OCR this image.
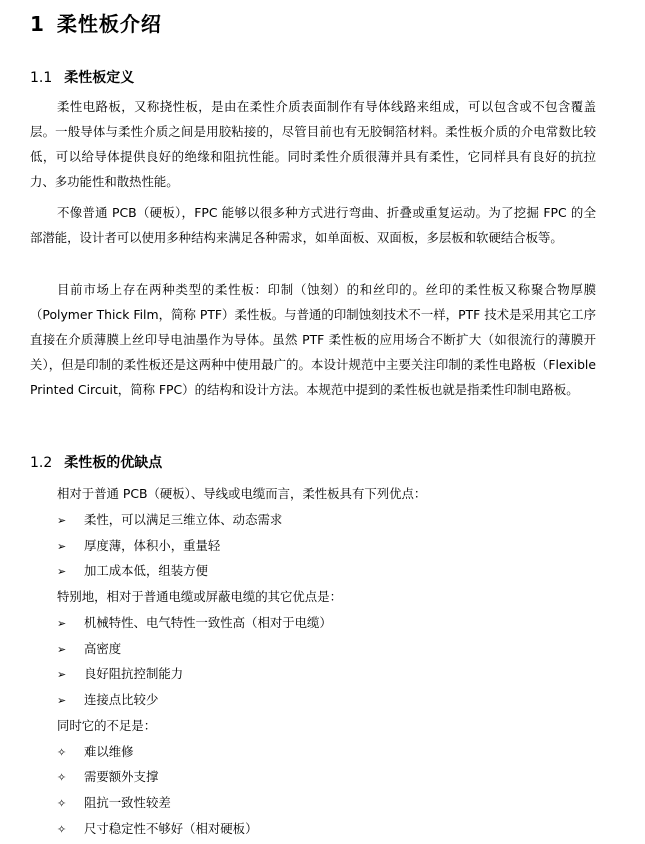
1 柔性板介绍
1.1 柔性板定义

柔性电路板，又称挠性板，是由在柔性介质表面制作有导体线路来组成，可以包含或不包含覆盖层。一般导体与柔性介质之间是用胶粘接的，尽管目前也有无胶铜箔材料。柔性板介质的介电常数比较低，可以给导体提供良好的绝缘和阻抗性能。同时柔性介质很薄并具有柔性，它同样具有良好的抗拉力、多功能性和散热性能。

不像普通 PCB（硬板），FPC 能够以很多种方式进行弯曲、折叠或重复运动。为了挖掘 FPC 的全部潜能，设计者可以使用多种结构来满足各种需求，如单面板、双面板，多层板和软硬结合板等。

目前市场上存在两种类型的柔性板：印制（蚀刻）的和丝印的。丝印的柔性板又称聚合物厚膜（Polymer Thick Film，简称 PTF）柔性板。与普通的印制蚀刻技术不一样，PTF 技术是采用其它工序直接在介质薄膜上丝印导电油墨作为导体。虽然 PTF 柔性板的应用场合不断扩大（如很流行的薄膜开关），但是印制的柔性板还是这两种中使用最广的。本设计规范中主要关注印制的柔性电路板（Flexible Printed Circuit，简称 FPC）的结构和设计方法。本规范中提到的柔性板也就是指柔性印制电路板。

1.2 柔性板的优缺点

相对于普通 PCB（硬板）、导线或电缆而言，柔性板具有下列优点：

➢ 柔性，可以满足三维立体、动态需求

➢ 厚度薄，体积小，重量轻

➢ 加工成本低，组装方便

特别地，相对于普通电缆或屏蔽电缆的其它优点是：

➢ 机械特性、电气特性一致性高（相对于电缆）

➢ 高密度

➢ 良好阻抗控制能力

➢ 连接点比较少

同时它的不足是：

✧ 难以维修

✧ 需要额外支撑

✧ 阻抗一致性较差

✧ 尺寸稳定性不够好（相对硬板）
